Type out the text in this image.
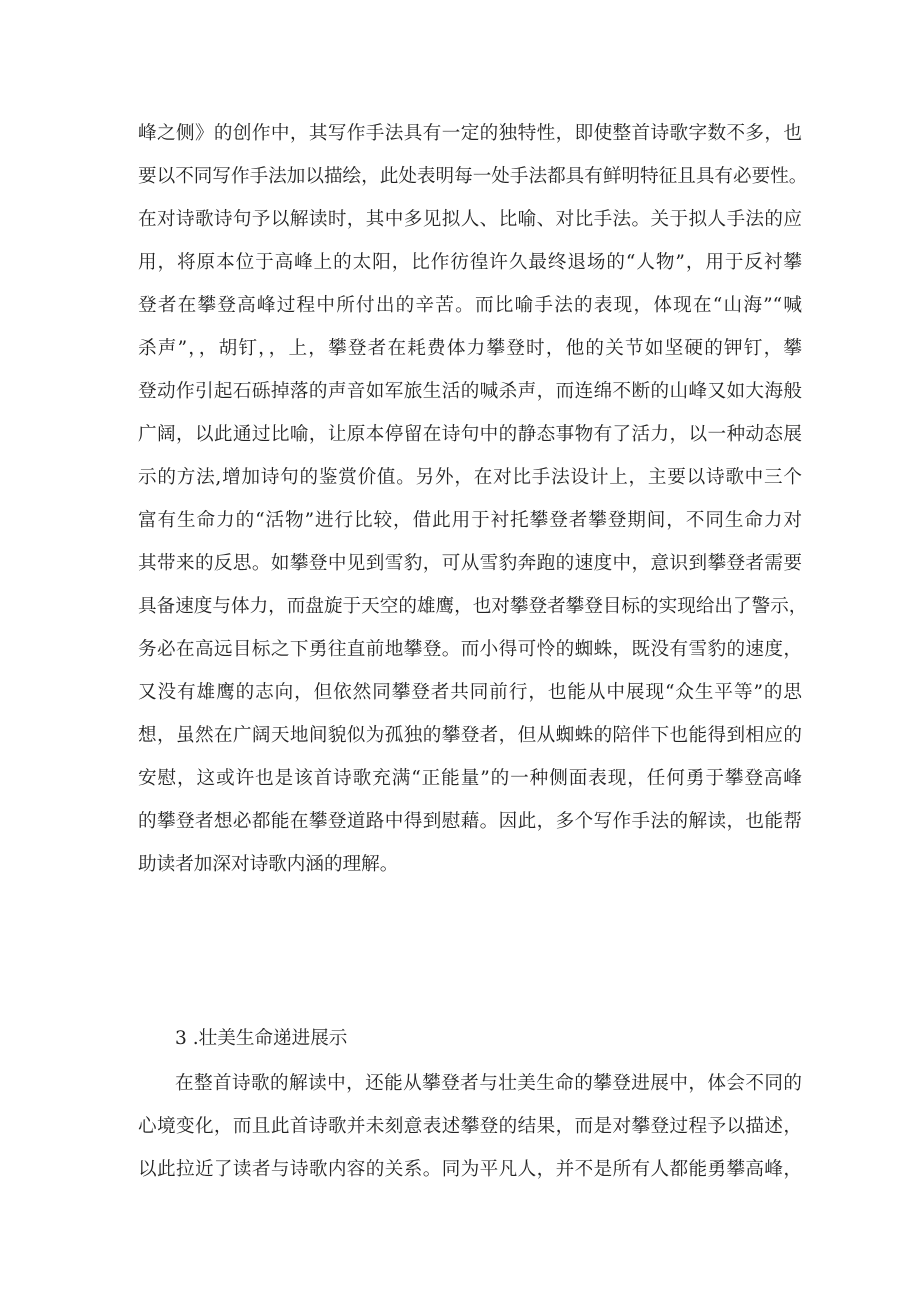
峰之侧》的创作中，其写作手法具有一定的独特性，即使整首诗歌字数不多，也
要以不同写作手法加以描绘，此处表明每一处手法都具有鲜明特征且具有必要性。
在对诗歌诗句予以解读时，其中多见拟人、比喻、对比手法。关于拟人手法的应
用，将原本位于高峰上的太阳，比作彷徨许久最终退场的“人物”，用于反衬攀
登者在攀登高峰过程中所付出的辛苦。而比喻手法的表现，体现在“山海”“喊
杀声”，，胡钉，，上，攀登者在耗费体力攀登时，他的关节如坚硬的钾钉，攀
登动作引起石砾掉落的声音如军旅生活的喊杀声，而连绵不断的山峰又如大海般
广阔，以此通过比喻，让原本停留在诗句中的静态事物有了活力，以一种动态展
示的方法,增加诗句的鉴赏价值。另外，在对比手法设计上，主要以诗歌中三个
富有生命力的“活物”进行比较，借此用于衬托攀登者攀登期间，不同生命力对
其带来的反思。如攀登中见到雪豹，可从雪豹奔跑的速度中，意识到攀登者需要
具备速度与体力，而盘旋于天空的雄鹰，也对攀登者攀登目标的实现给出了警示，
务必在高远目标之下勇往直前地攀登。而小得可怜的蜘蛛，既没有雪豹的速度，
又没有雄鹰的志向，但依然同攀登者共同前行，也能从中展现“众生平等”的思
想，虽然在广阔天地间貌似为孤独的攀登者，但从蜘蛛的陪伴下也能得到相应的
安慰，这或许也是该首诗歌充满“正能量”的一种侧面表现，任何勇于攀登高峰
的攀登者想必都能在攀登道路中得到慰藉。因此，多个写作手法的解读，也能帮
助读者加深对诗歌内涵的理解。
3 .壮美生命递进展示
在整首诗歌的解读中，还能从攀登者与壮美生命的攀登进展中，体会不同的
心境变化，而且此首诗歌并未刻意表述攀登的结果，而是对攀登过程予以描述，
以此拉近了读者与诗歌内容的关系。同为平凡人，并不是所有人都能勇攀高峰，
